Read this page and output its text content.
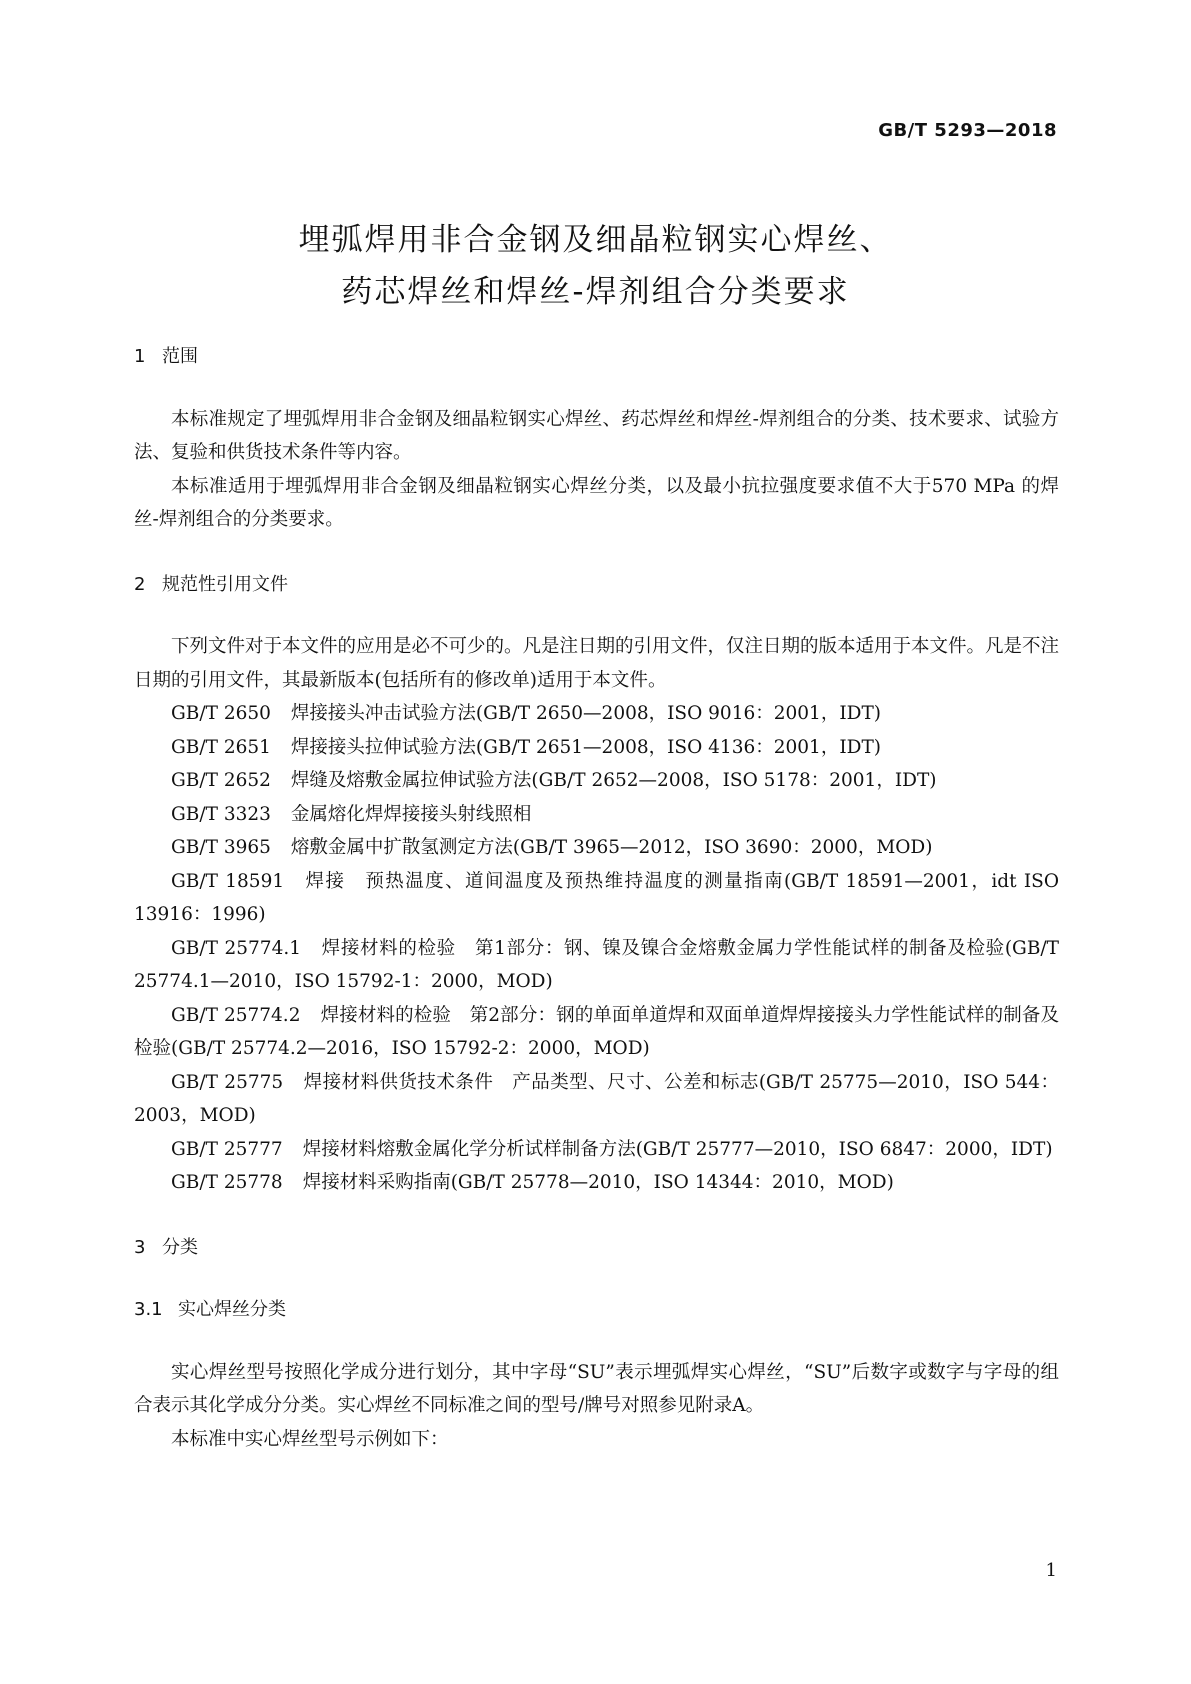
GB/T 5293—2018
埋弧焊用非合金钢及细晶粒钢实心焊丝、
药芯焊丝和焊丝-焊剂组合分类要求
1 范围

本标准规定了埋弧焊用非合金钢及细晶粒钢实心焊丝、药芯焊丝和焊丝-焊剂组合的分类、技术要求、试验方法、复验和供货技术条件等内容。

本标准适用于埋弧焊用非合金钢及细晶粒钢实心焊丝分类，以及最小抗拉强度要求值不大于570 MPa 的焊丝-焊剂组合的分类要求。

2 规范性引用文件

下列文件对于本文件的应用是必不可少的。凡是注日期的引用文件，仅注日期的版本适用于本文件。凡是不注日期的引用文件，其最新版本(包括所有的修改单)适用于本文件。

GB/T 2650 焊接接头冲击试验方法(GB/T 2650—2008，ISO 9016：2001，IDT)
GB/T 2651 焊接接头拉伸试验方法(GB/T 2651—2008，ISO 4136：2001，IDT)
GB/T 2652 焊缝及熔敷金属拉伸试验方法(GB/T 2652—2008，ISO 5178：2001，IDT)
GB/T 3323 金属熔化焊焊接接头射线照相
GB/T 3965 熔敷金属中扩散氢测定方法(GB/T 3965—2012，ISO 3690：2000，MOD)
GB/T 18591 焊接　预热温度、道间温度及预热维持温度的测量指南(GB/T 18591—2001，idt ISO 13916：1996)
GB/T 25774.1 焊接材料的检验　第1部分：钢、镍及镍合金熔敷金属力学性能试样的制备及检验(GB/T 25774.1—2010，ISO 15792-1：2000，MOD)
GB/T 25774.2 焊接材料的检验　第2部分：钢的单面单道焊和双面单道焊焊接接头力学性能试样的制备及检验(GB/T 25774.2—2016，ISO 15792-2：2000，MOD)
GB/T 25775 焊接材料供货技术条件　产品类型、尺寸、公差和标志(GB/T 25775—2010，ISO 544：2003，MOD)
GB/T 25777 焊接材料熔敷金属化学分析试样制备方法(GB/T 25777—2010，ISO 6847：2000，IDT)
GB/T 25778 焊接材料采购指南(GB/T 25778—2010，ISO 14344：2010，MOD)
3 分类
3.1 实心焊丝分类

实心焊丝型号按照化学成分进行划分，其中字母“SU”表示埋弧焊实心焊丝，“SU”后数字或数字与字母的组合表示其化学成分分类。实心焊丝不同标准之间的型号/牌号对照参见附录A。

本标准中实心焊丝型号示例如下：

1
